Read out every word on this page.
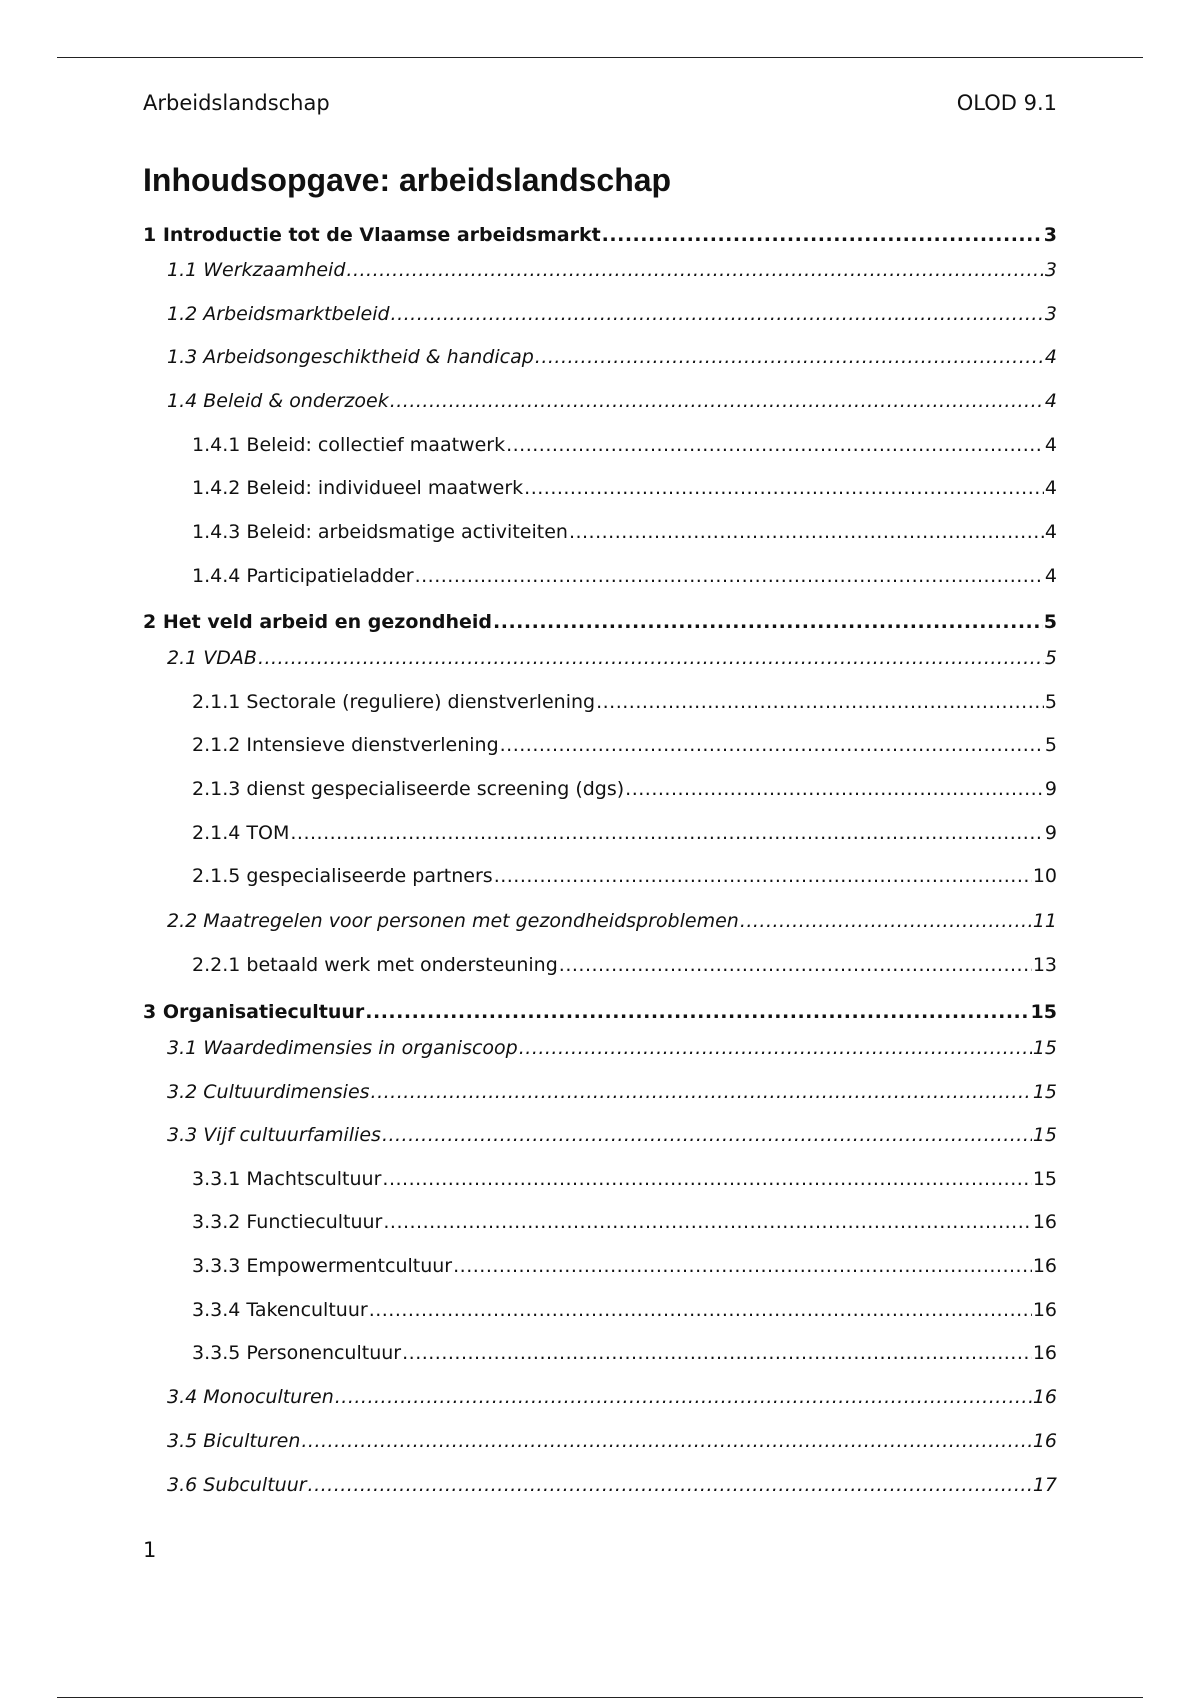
Arbeidslandschap	OLOD 9.1
Inhoudsopgave: arbeidslandschap
1 Introductie tot de Vlaamse arbeidsmarkt .....	3
1.1 Werkzaamheid .....	3
1.2 Arbeidsmarktbeleid .....	3
1.3 Arbeidsongeschiktheid & handicap .....	4
1.4 Beleid & onderzoek .....	4
1.4.1 Beleid: collectief maatwerk .....	4
1.4.2 Beleid: individueel maatwerk .....	4
1.4.3 Beleid: arbeidsmatige activiteiten .....	4
1.4.4 Participatieladder .....	4
2 Het veld arbeid en gezondheid .....	5
2.1 VDAB .....	5
2.1.1 Sectorale (reguliere) dienstverlening .....	5
2.1.2 Intensieve dienstverlening .....	5
2.1.3 dienst gespecialiseerde screening (dgs) .....	9
2.1.4 TOM .....	9
2.1.5 gespecialiseerde partners .....	10
2.2 Maatregelen voor personen met gezondheidsproblemen .....	11
2.2.1 betaald werk met ondersteuning .....	13
3 Organisatiecultuur .....	15
3.1 Waardedimensies in organiscoop .....	15
3.2 Cultuurdimensies .....	15
3.3 Vijf cultuurfamilies .....	15
3.3.1 Machtscultuur .....	15
3.3.2 Functiecultuur .....	16
3.3.3 Empowermentcultuur .....	16
3.3.4 Takencultuur .....	16
3.3.5 Personencultuur .....	16
3.4 Monoculturen .....	16
3.5 Biculturen .....	16
3.6 Subcultuur .....	17
1
